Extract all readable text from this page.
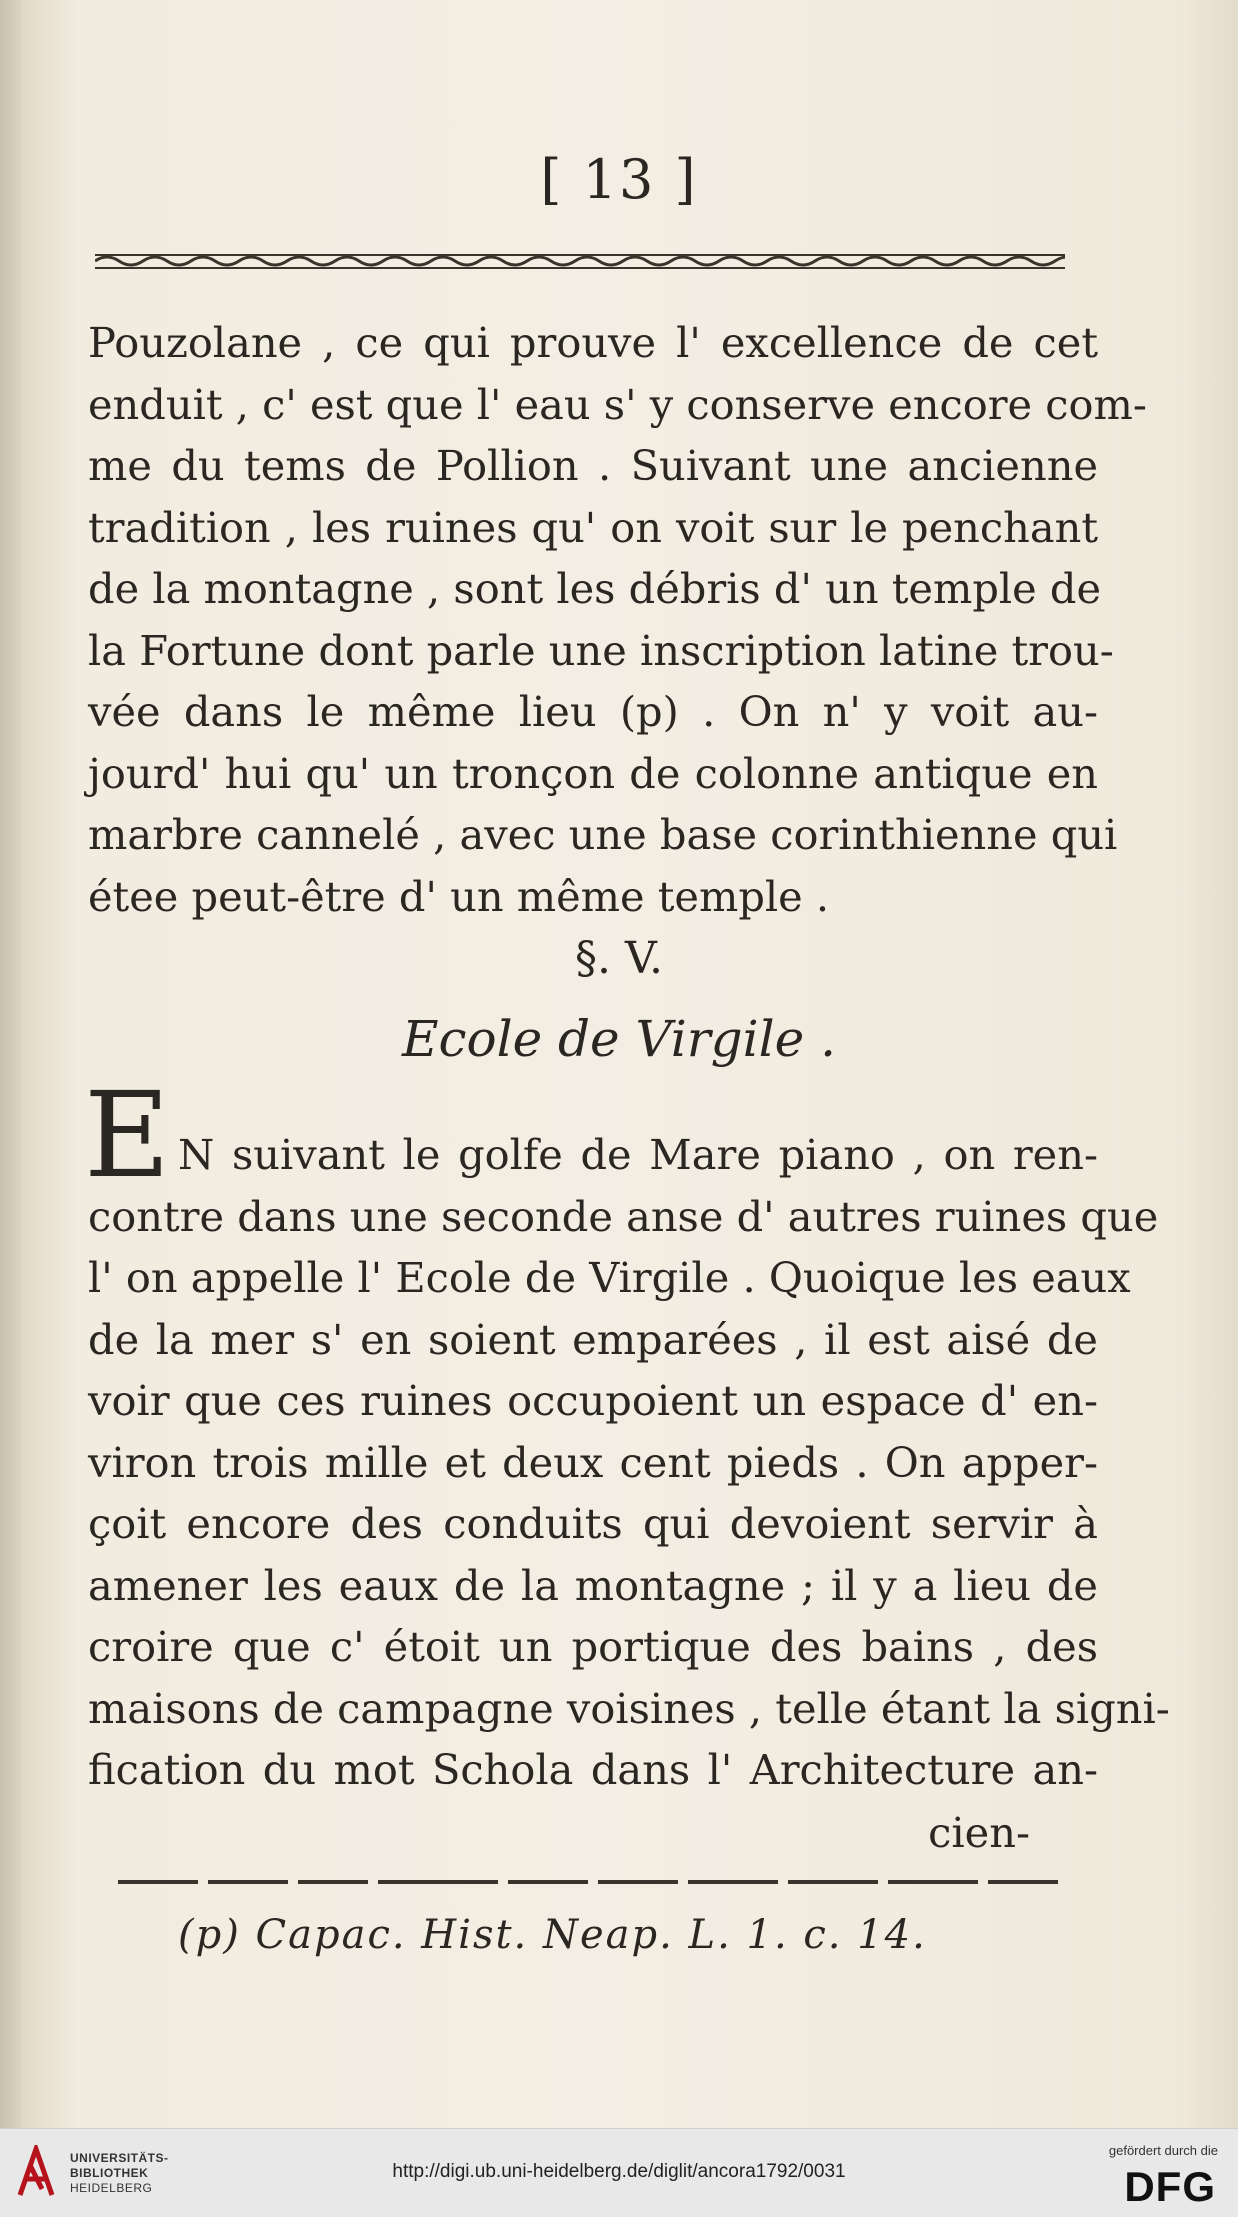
[ 13 ]
Pouzolane , ce qui prouve l' excellence de cet
enduit , c' est que l' eau s' y conserve encore com-
me du tems de Pollion . Suivant une ancienne
tradition , les ruines qu' on voit sur le penchant
de la montagne , sont les débris d' un temple de
la Fortune dont parle une inscription latine trou-
vée dans le même lieu (p) . On n' y voit au-
jourd' hui qu' un tronçon de colonne antique en
marbre cannelé , avec une base corinthienne qui
étee peut-être d' un même temple .
§. V.
Ecole de Virgile .
E N suivant le golfe de Mare piano , on ren-
contre dans une seconde anse d' autres ruines que
l' on appelle l' Ecole de Virgile . Quoique les eaux
de la mer s' en soient emparées , il est aisé de
voir que ces ruines occupoient un espace d' en-
viron trois mille et deux cent pieds . On apper-
çoit encore des conduits qui devoient servir à
amener les eaux de la montagne ; il y a lieu de
croire que c' étoit un portique des bains , des
maisons de campagne voisines , telle étant la signi-
fication du mot Schola dans l' Architecture an-
cien-
(p) Capac. Hist. Neap. L. 1. c. 14.
UNIVERSITÄTS-
BIBLIOTHEK
HEIDELBERG
http://digi.ub.uni-heidelberg.de/diglit/ancora1792/0031
gefördert durch die
DFG
